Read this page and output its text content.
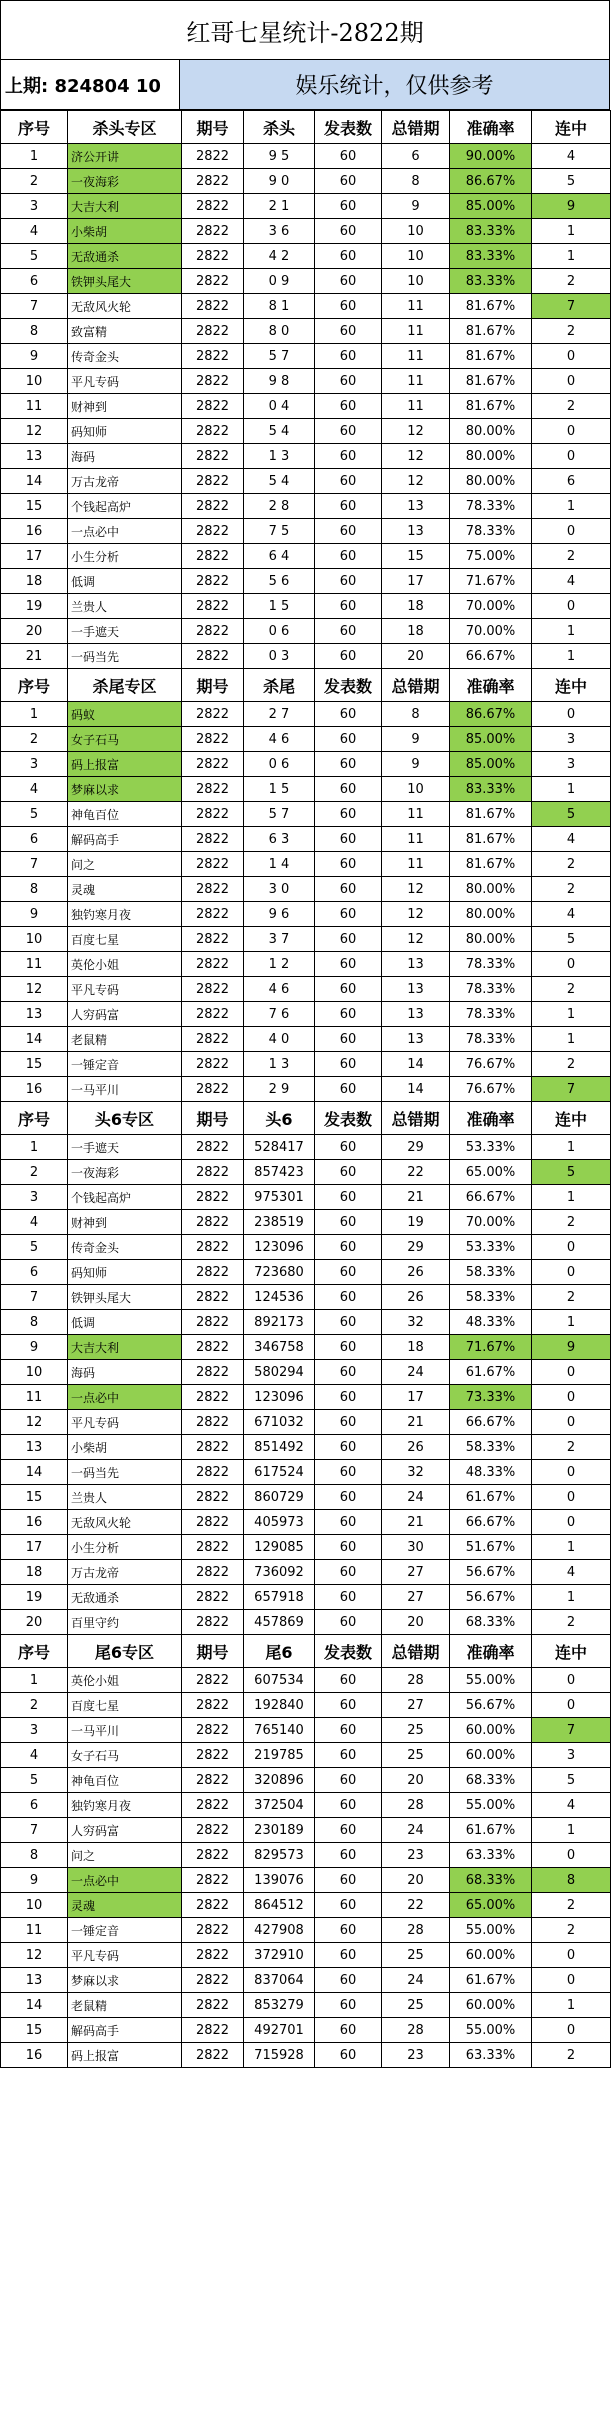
红哥七星统计-2822期
上期: 824804 10	娱乐统计，仅供参考
序号	杀头专区	期号	杀头	发表数	总错期	准确率	连中
1	济公开讲	2822	9 5	60	6	90.00%	4
2	一夜海彩	2822	9 0	60	8	86.67%	5
3	大吉大利	2822	2 1	60	9	85.00%	9
4	小柴胡	2822	3 6	60	10	83.33%	1
5	无敌通杀	2822	4 2	60	10	83.33%	1
6	铁钾头尾大	2822	0 9	60	10	83.33%	2
7	无敌风火轮	2822	8 1	60	11	81.67%	7
8	致富精	2822	8 0	60	11	81.67%	2
9	传奇金头	2822	5 7	60	11	81.67%	0
10	平凡专码	2822	9 8	60	11	81.67%	0
11	财神到	2822	0 4	60	11	81.67%	2
12	码知师	2822	5 4	60	12	80.00%	0
13	海码	2822	1 3	60	12	80.00%	0
14	万古龙帝	2822	5 4	60	12	80.00%	6
15	个钱起高炉	2822	2 8	60	13	78.33%	1
16	一点必中	2822	7 5	60	13	78.33%	0
17	小生分析	2822	6 4	60	15	75.00%	2
18	低调	2822	5 6	60	17	71.67%	4
19	兰贵人	2822	1 5	60	18	70.00%	0
20	一手遮天	2822	0 6	60	18	70.00%	1
21	一码当先	2822	0 3	60	20	66.67%	1
序号	杀尾专区	期号	杀尾	发表数	总错期	准确率	连中
1	码蚁	2822	2 7	60	8	86.67%	0
2	女子石马	2822	4 6	60	9	85.00%	3
3	码上报富	2822	0 6	60	9	85.00%	3
4	梦麻以求	2822	1 5	60	10	83.33%	1
5	神龟百位	2822	5 7	60	11	81.67%	5
6	解码高手	2822	6 3	60	11	81.67%	4
7	问之	2822	1 4	60	11	81.67%	2
8	灵魂	2822	3 0	60	12	80.00%	2
9	独钓寒月夜	2822	9 6	60	12	80.00%	4
10	百度七星	2822	3 7	60	12	80.00%	5
11	英伦小姐	2822	1 2	60	13	78.33%	0
12	平凡专码	2822	4 6	60	13	78.33%	2
13	人穷码富	2822	7 6	60	13	78.33%	1
14	老鼠精	2822	4 0	60	13	78.33%	1
15	一锤定音	2822	1 3	60	14	76.67%	2
16	一马平川	2822	2 9	60	14	76.67%	7
序号	头6专区	期号	头6	发表数	总错期	准确率	连中
1	一手遮天	2822	528417	60	29	53.33%	1
2	一夜海彩	2822	857423	60	22	65.00%	5
3	个钱起高炉	2822	975301	60	21	66.67%	1
4	财神到	2822	238519	60	19	70.00%	2
5	传奇金头	2822	123096	60	29	53.33%	0
6	码知师	2822	723680	60	26	58.33%	0
7	铁钾头尾大	2822	124536	60	26	58.33%	2
8	低调	2822	892173	60	32	48.33%	1
9	大吉大利	2822	346758	60	18	71.67%	9
10	海码	2822	580294	60	24	61.67%	0
11	一点必中	2822	123096	60	17	73.33%	0
12	平凡专码	2822	671032	60	21	66.67%	0
13	小柴胡	2822	851492	60	26	58.33%	2
14	一码当先	2822	617524	60	32	48.33%	0
15	兰贵人	2822	860729	60	24	61.67%	0
16	无敌风火轮	2822	405973	60	21	66.67%	0
17	小生分析	2822	129085	60	30	51.67%	1
18	万古龙帝	2822	736092	60	27	56.67%	4
19	无敌通杀	2822	657918	60	27	56.67%	1
20	百里守约	2822	457869	60	20	68.33%	2
序号	尾6专区	期号	尾6	发表数	总错期	准确率	连中
1	英伦小姐	2822	607534	60	28	55.00%	0
2	百度七星	2822	192840	60	27	56.67%	0
3	一马平川	2822	765140	60	25	60.00%	7
4	女子石马	2822	219785	60	25	60.00%	3
5	神龟百位	2822	320896	60	20	68.33%	5
6	独钓寒月夜	2822	372504	60	28	55.00%	4
7	人穷码富	2822	230189	60	24	61.67%	1
8	问之	2822	829573	60	23	63.33%	0
9	一点必中	2822	139076	60	20	68.33%	8
10	灵魂	2822	864512	60	22	65.00%	2
11	一锤定音	2822	427908	60	28	55.00%	2
12	平凡专码	2822	372910	60	25	60.00%	0
13	梦麻以求	2822	837064	60	24	61.67%	0
14	老鼠精	2822	853279	60	25	60.00%	1
15	解码高手	2822	492701	60	28	55.00%	0
16	码上报富	2822	715928	60	23	63.33%	2
